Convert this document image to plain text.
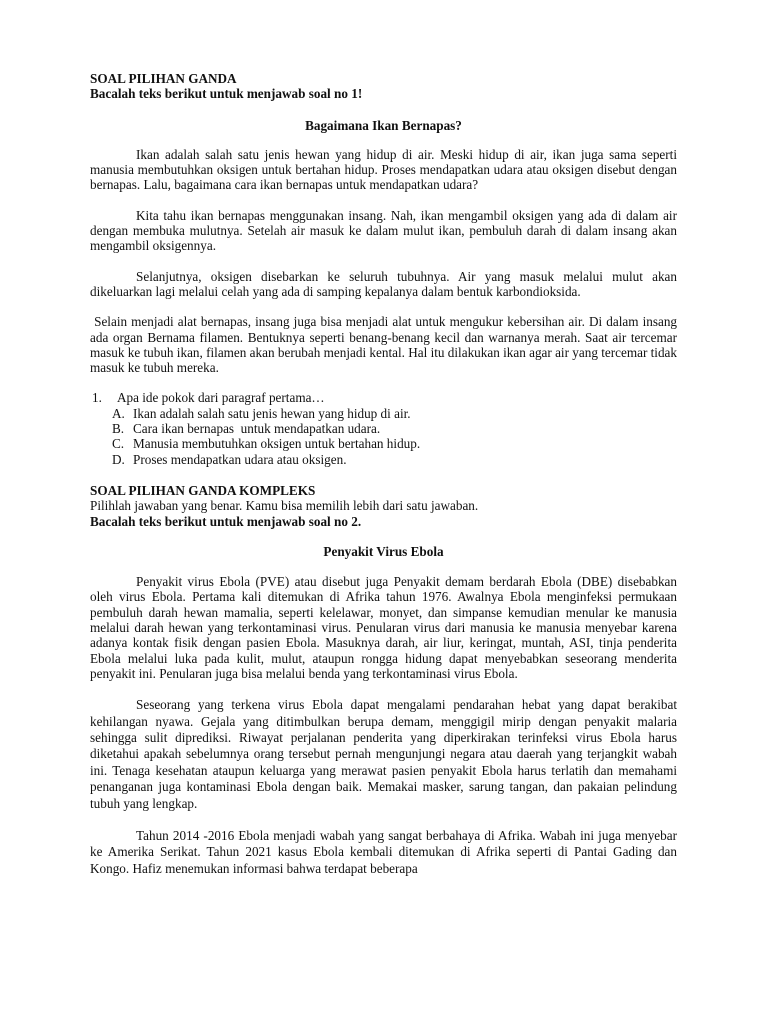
SOAL PILIHAN GANDA
Bacalah teks berikut untuk menjawab soal no 1!
Bagaimana Ikan Bernapas?

Ikan adalah salah satu jenis hewan yang hidup di air. Meski hidup di air, ikan juga sama seperti manusia membutuhkan oksigen untuk bertahan hidup. Proses mendapatkan udara atau oksigen disebut dengan bernapas. Lalu, bagaimana cara ikan bernapas untuk mendapatkan udara?

Kita tahu ikan bernapas menggunakan insang. Nah, ikan mengambil oksigen yang ada di dalam air dengan membuka mulutnya. Setelah air masuk ke dalam mulut ikan, pembuluh darah di dalam insang akan mengambil oksigennya.

Selanjutnya, oksigen disebarkan ke seluruh tubuhnya. Air yang masuk melalui mulut akan dikeluarkan lagi melalui celah yang ada di samping kepalanya dalam bentuk karbondioksida.

Selain menjadi alat bernapas, insang juga bisa menjadi alat untuk mengukur kebersihan air. Di dalam insang ada organ Bernama filamen. Bentuknya seperti benang-benang kecil dan warnanya merah. Saat air tercemar masuk ke tubuh ikan, filamen akan berubah menjadi kental. Hal itu dilakukan ikan agar air yang tercemar tidak masuk ke tubuh mereka.

1. Apa ide pokok dari paragraf pertama…
A. Ikan adalah salah satu jenis hewan yang hidup di air.
B. Cara ikan bernapas  untuk mendapatkan udara.
C. Manusia membutuhkan oksigen untuk bertahan hidup.
D. Proses mendapatkan udara atau oksigen.
SOAL PILIHAN GANDA KOMPLEKS
Pilihlah jawaban yang benar. Kamu bisa memilih lebih dari satu jawaban.
Bacalah teks berikut untuk menjawab soal no 2.
Penyakit Virus Ebola

Penyakit virus Ebola (PVE) atau disebut juga Penyakit demam berdarah Ebola (DBE) disebabkan oleh virus Ebola. Pertama kali ditemukan di Afrika tahun 1976. Awalnya Ebola menginfeksi permukaan pembuluh darah hewan mamalia, seperti kelelawar, monyet, dan simpanse kemudian menular ke manusia melalui darah hewan yang terkontaminasi virus. Penularan virus dari manusia ke manusia menyebar karena adanya kontak fisik dengan pasien Ebola. Masuknya darah, air liur, keringat, muntah, ASI, tinja penderita Ebola melalui luka pada kulit, mulut, ataupun rongga hidung dapat menyebabkan seseorang menderita penyakit ini. Penularan juga bisa melalui benda yang terkontaminasi virus Ebola.

Seseorang yang terkena virus Ebola dapat mengalami pendarahan hebat yang dapat berakibat kehilangan nyawa. Gejala yang ditimbulkan berupa demam, menggigil mirip dengan penyakit malaria sehingga sulit diprediksi. Riwayat perjalanan penderita yang diperkirakan terinfeksi virus Ebola harus diketahui apakah sebelumnya orang tersebut pernah mengunjungi negara atau daerah yang terjangkit wabah ini. Tenaga kesehatan ataupun keluarga yang merawat pasien penyakit Ebola harus terlatih dan memahami penanganan juga kontaminasi Ebola dengan baik. Memakai masker, sarung tangan, dan pakaian pelindung tubuh yang lengkap.

Tahun 2014 -2016 Ebola menjadi wabah yang sangat berbahaya di Afrika. Wabah ini juga menyebar ke Amerika Serikat. Tahun 2021 kasus Ebola kembali ditemukan di Afrika seperti di Pantai Gading dan Kongo. Hafiz menemukan informasi bahwa terdapat beberapa
